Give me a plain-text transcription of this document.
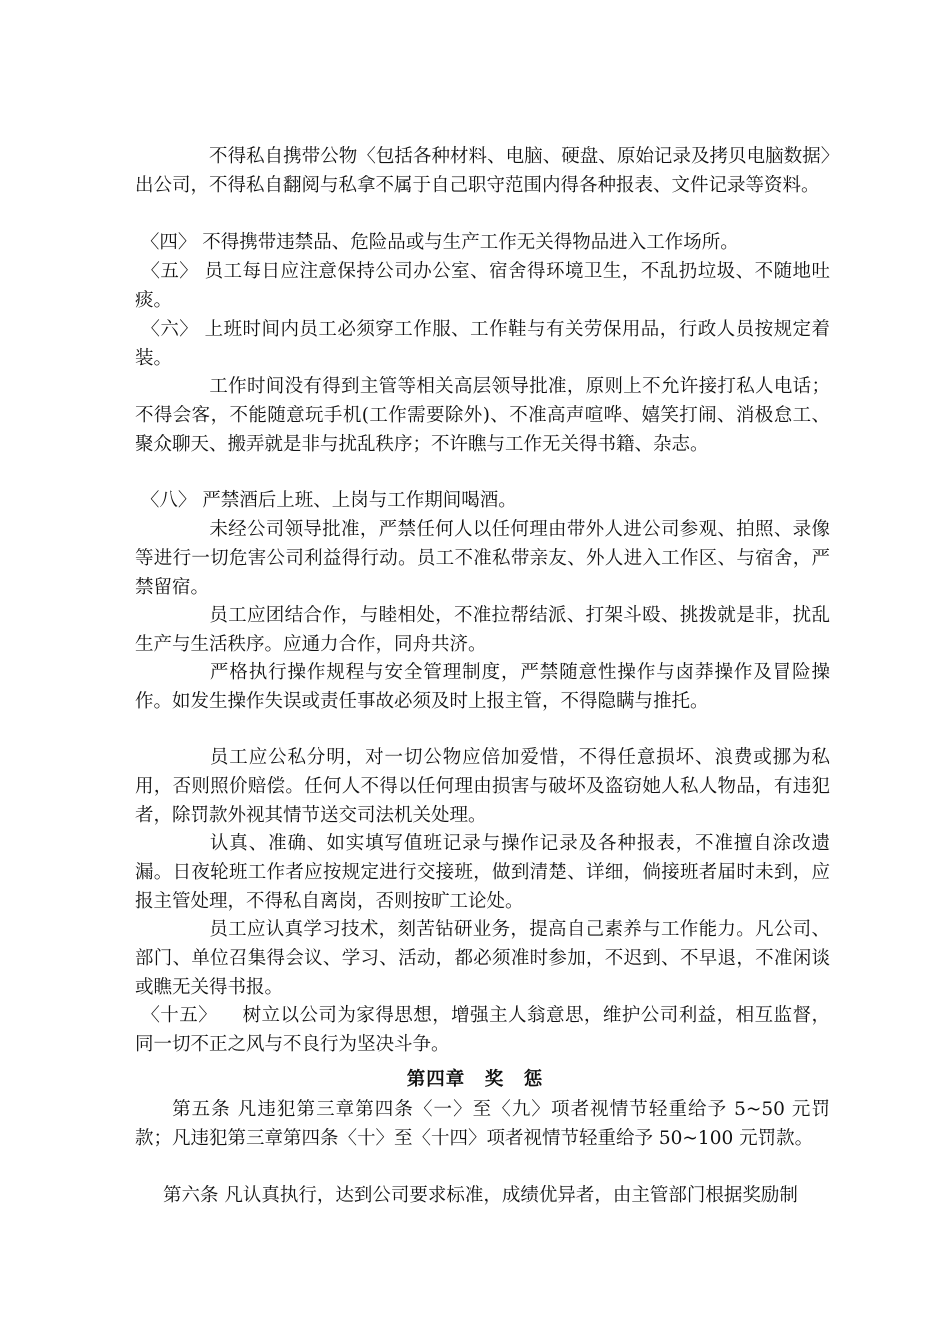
不得私自携带公物〈包括各种材料、电脑、硬盘、原始记录及拷贝电脑数据〉出公司，不得私自翻阅与私拿不属于自己职守范围内得各种报表、文件记录等资料。

〈四〉 不得携带违禁品、危险品或与生产工作无关得物品进入工作场所。

〈五〉 员工每日应注意保持公司办公室、宿舍得环境卫生，不乱扔垃圾、不随地吐痰。

〈六〉 上班时间内员工必须穿工作服、工作鞋与有关劳保用品，行政人员按规定着装。

工作时间没有得到主管等相关高层领导批准，原则上不允许接打私人电话；不得会客，不能随意玩手机(工作需要除外)、不准高声喧哗、嬉笑打闹、消极怠工、聚众聊天、搬弄就是非与扰乱秩序；不许瞧与工作无关得书籍、杂志。

〈八〉 严禁酒后上班、上岗与工作期间喝酒。

未经公司领导批准，严禁任何人以任何理由带外人进公司参观、拍照、录像等进行一切危害公司利益得行动。员工不准私带亲友、外人进入工作区、与宿舍，严禁留宿。

员工应团结合作，与睦相处，不准拉帮结派、打架斗殴、挑拨就是非，扰乱生产与生活秩序。应通力合作，同舟共济。

严格执行操作规程与安全管理制度，严禁随意性操作与卤莽操作及冒险操作。如发生操作失误或责任事故必须及时上报主管，不得隐瞒与推托。

员工应公私分明，对一切公物应倍加爱惜，不得任意损坏、浪费或挪为私用，否则照价赔偿。任何人不得以任何理由损害与破坏及盗窃她人私人物品，有违犯者，除罚款外视其情节送交司法机关处理。

认真、准确、如实填写值班记录与操作记录及各种报表，不准擅自涂改遗漏。日夜轮班工作者应按规定进行交接班，做到清楚、详细，倘接班者届时未到，应报主管处理，不得私自离岗，否则按旷工论处。

员工应认真学习技术，刻苦钻研业务，提高自己素养与工作能力。凡公司、部门、单位召集得会议、学习、活动，都必须准时参加，不迟到、不早退，不准闲谈或瞧无关得书报。

〈十五〉 树立以公司为家得思想，增强主人翁意思，维护公司利益，相互监督，同一切不正之风与不良行为坚决斗争。

第四章　奖　惩

第五条 凡违犯第三章第四条〈一〉至〈九〉项者视情节轻重给予 5~50 元罚款；凡违犯第三章第四条〈十〉至〈十四〉项者视情节轻重给予 50~100 元罚款。

第六条 凡认真执行，达到公司要求标准，成绩优异者，由主管部门根据奖励制
